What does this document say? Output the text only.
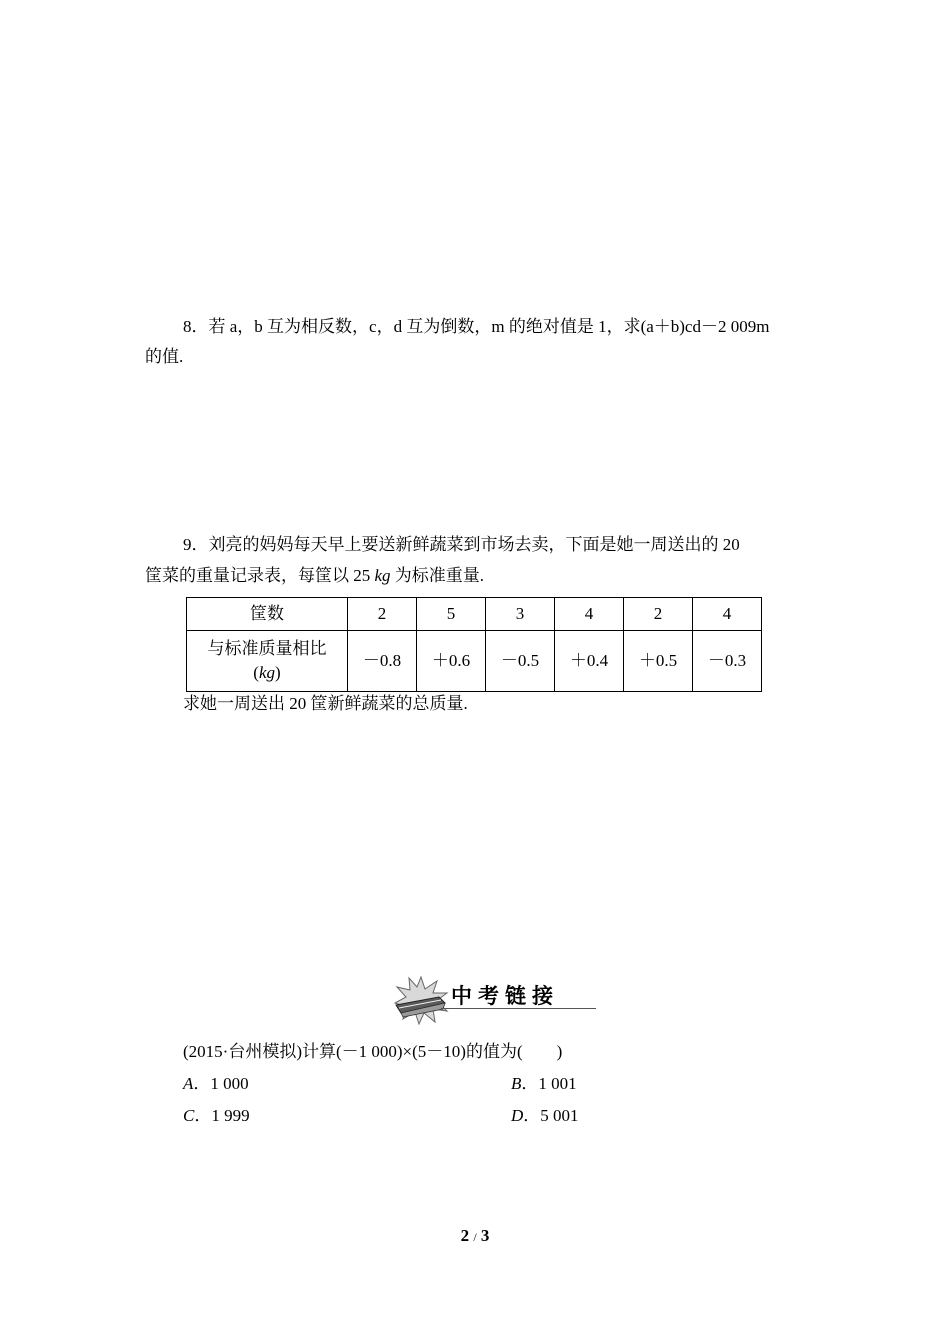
8．若 a，b 互为相反数，c，d 互为倒数，m 的绝对值是 1，求(a＋b)cd－2 009m
的值.
9．刘亮的妈妈每天早上要送新鲜蔬菜到市场去卖，下面是她一周送出的 20
筐菜的重量记录表，每筐以 25 kg 为标准重量.
筐数	2	5	3	4	2	4

与标准质量相比
(kg)	－0.8	＋0.6	－0.5	＋0.4	＋0.5	－0.3
求她一周送出 20 筐新鲜蔬菜的总质量.
中考链接
(2015·台州模拟)计算(－1 000)×(5－10)的值为(　　)
A．1 000	B．1 001
C．1 999	D．5 001
2 / 3
